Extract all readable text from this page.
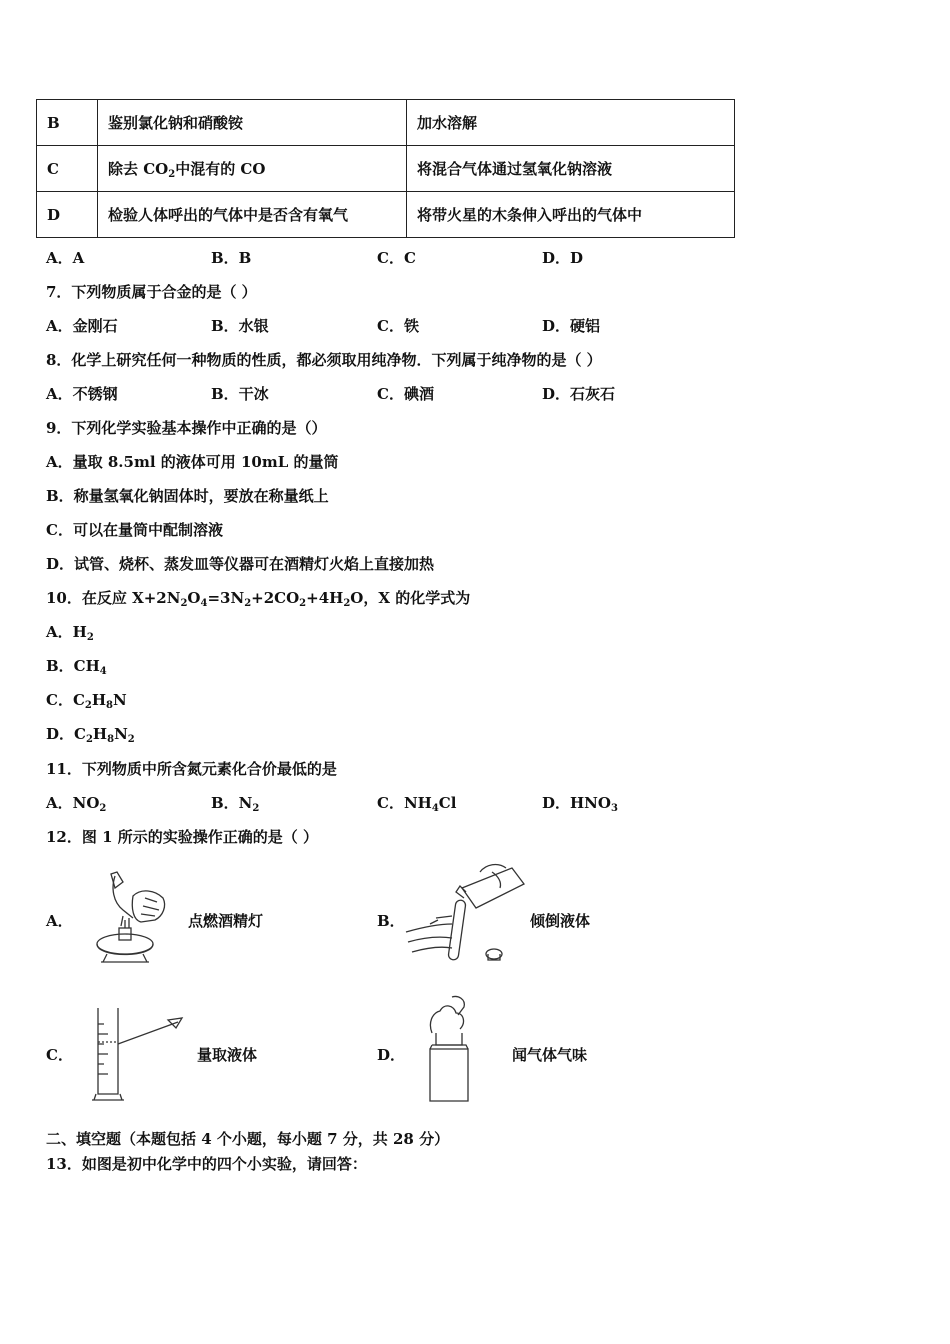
B	鉴别氯化钠和硝酸铵	加水溶解
C	除去 $CO_2$中混有的 CO	将混合气体通过氢氧化钠溶液
D	检验人体呼出的气体中是否含有氧气	将带火星的木条伸入呼出的气体中
A．A	B．B	C．C	D．D
7．下列物质属于合金的是（ ）
A．金刚石	B．水银	C．铁	D．硬铝
8．化学上研究任何一种物质的性质，都必须取用纯净物．下列属于纯净物的是（ ）
A．不锈钢	B．干冰	C．碘酒	D．石灰石
9．下列化学实验基本操作中正确的是（）
A．量取 8.5ml 的液体可用 10mL 的量筒
B．称量氢氧化钠固体时，要放在称量纸上
C．可以在量筒中配制溶液
D．试管、烧杯、蒸发皿等仪器可在酒精灯火焰上直接加热
10．在反应 $X+2N_2O_4=3N_2+2CO_2+4H_2O$，X 的化学式为
A．$H_2$
B．$CH_4$
C．$C_2H_8N$
D．$C_2H_8N_2$
11．下列物质中所含氮元素化合价最低的是
A．$NO_2$	B．$N_2$	C．$NH_4Cl$	D．$HNO_3$
12．图 1 所示的实验操作正确的是（ ）
A．	点燃酒精灯	B．	倾倒液体
C．	量取液体	D．	闻气体气味
二、填空题（本题包括 4 个小题，每小题 7 分，共 28 分）
13．如图是初中化学中的四个小实验，请回答：
